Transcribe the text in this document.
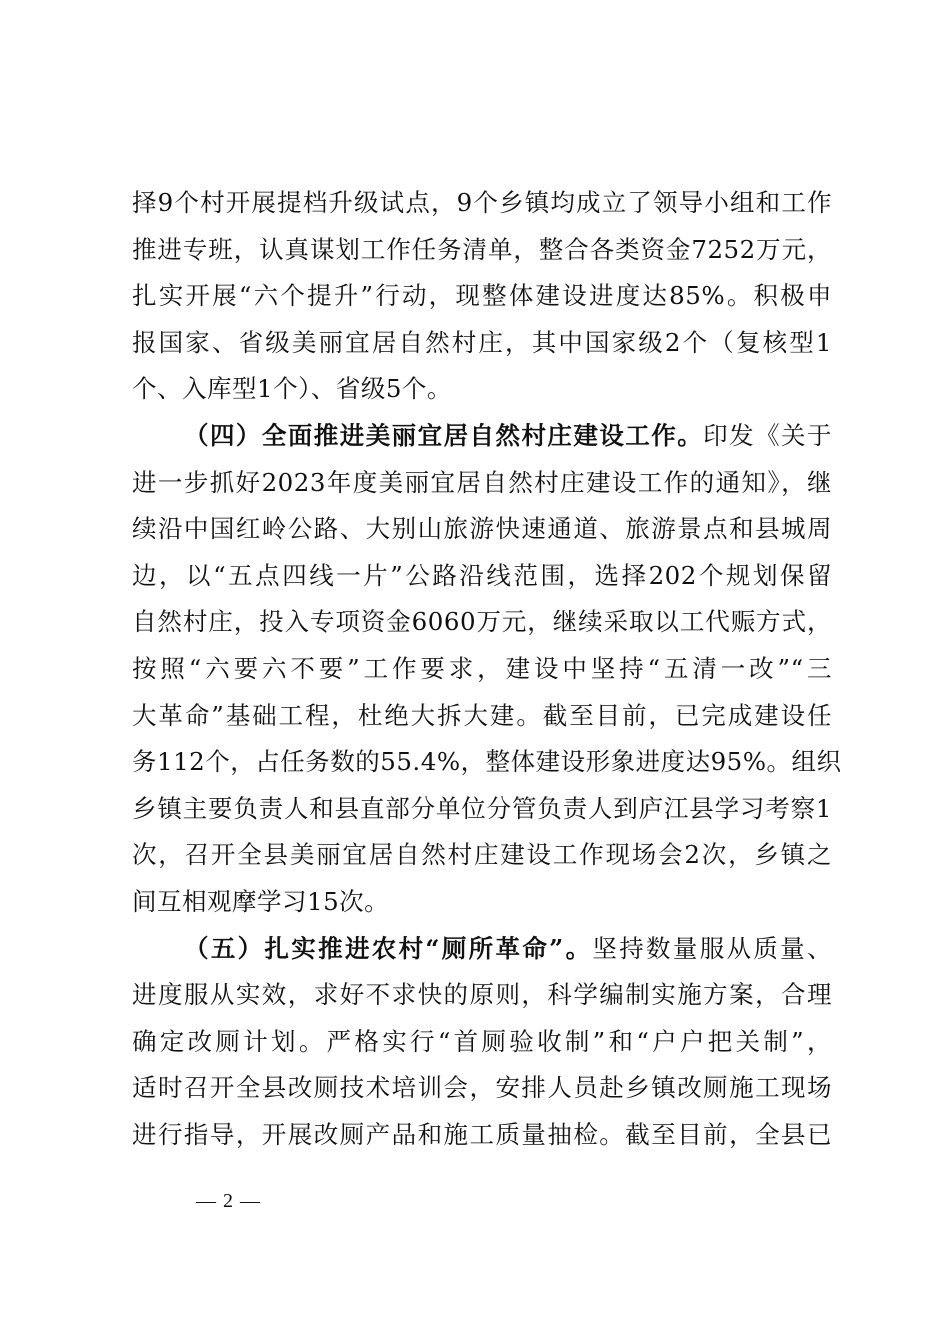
择9个村开展提档升级试点，9个乡镇均成立了领导小组和工作
推进专班，认真谋划工作任务清单，整合各类资金7252万元，
扎实开展“六个提升”行动，现整体建设进度达85%。积极申
报国家、省级美丽宜居自然村庄，其中国家级2个（复核型1
个、入库型1个）、省级5个。
（四）全面推进美丽宜居自然村庄建设工作。印发《关于
进一步抓好2023年度美丽宜居自然村庄建设工作的通知》，继
续沿中国红岭公路、大别山旅游快速通道、旅游景点和县城周
边，以“五点四线一片”公路沿线范围，选择202个规划保留
自然村庄，投入专项资金6060万元，继续采取以工代赈方式，
按照“六要六不要”工作要求，建设中坚持“五清一改”“三
大革命”基础工程，杜绝大拆大建。截至目前，已完成建设任
务112个，占任务数的55.4%，整体建设形象进度达95%。组织
乡镇主要负责人和县直部分单位分管负责人到庐江县学习考察1
次，召开全县美丽宜居自然村庄建设工作现场会2次，乡镇之
间互相观摩学习15次。
（五）扎实推进农村“厕所革命”。坚持数量服从质量、
进度服从实效，求好不求快的原则，科学编制实施方案，合理
确定改厕计划。严格实行“首厕验收制”和“户户把关制”，
适时召开全县改厕技术培训会，安排人员赴乡镇改厕施工现场
进行指导，开展改厕产品和施工质量抽检。截至目前，全县已
— 2 —
